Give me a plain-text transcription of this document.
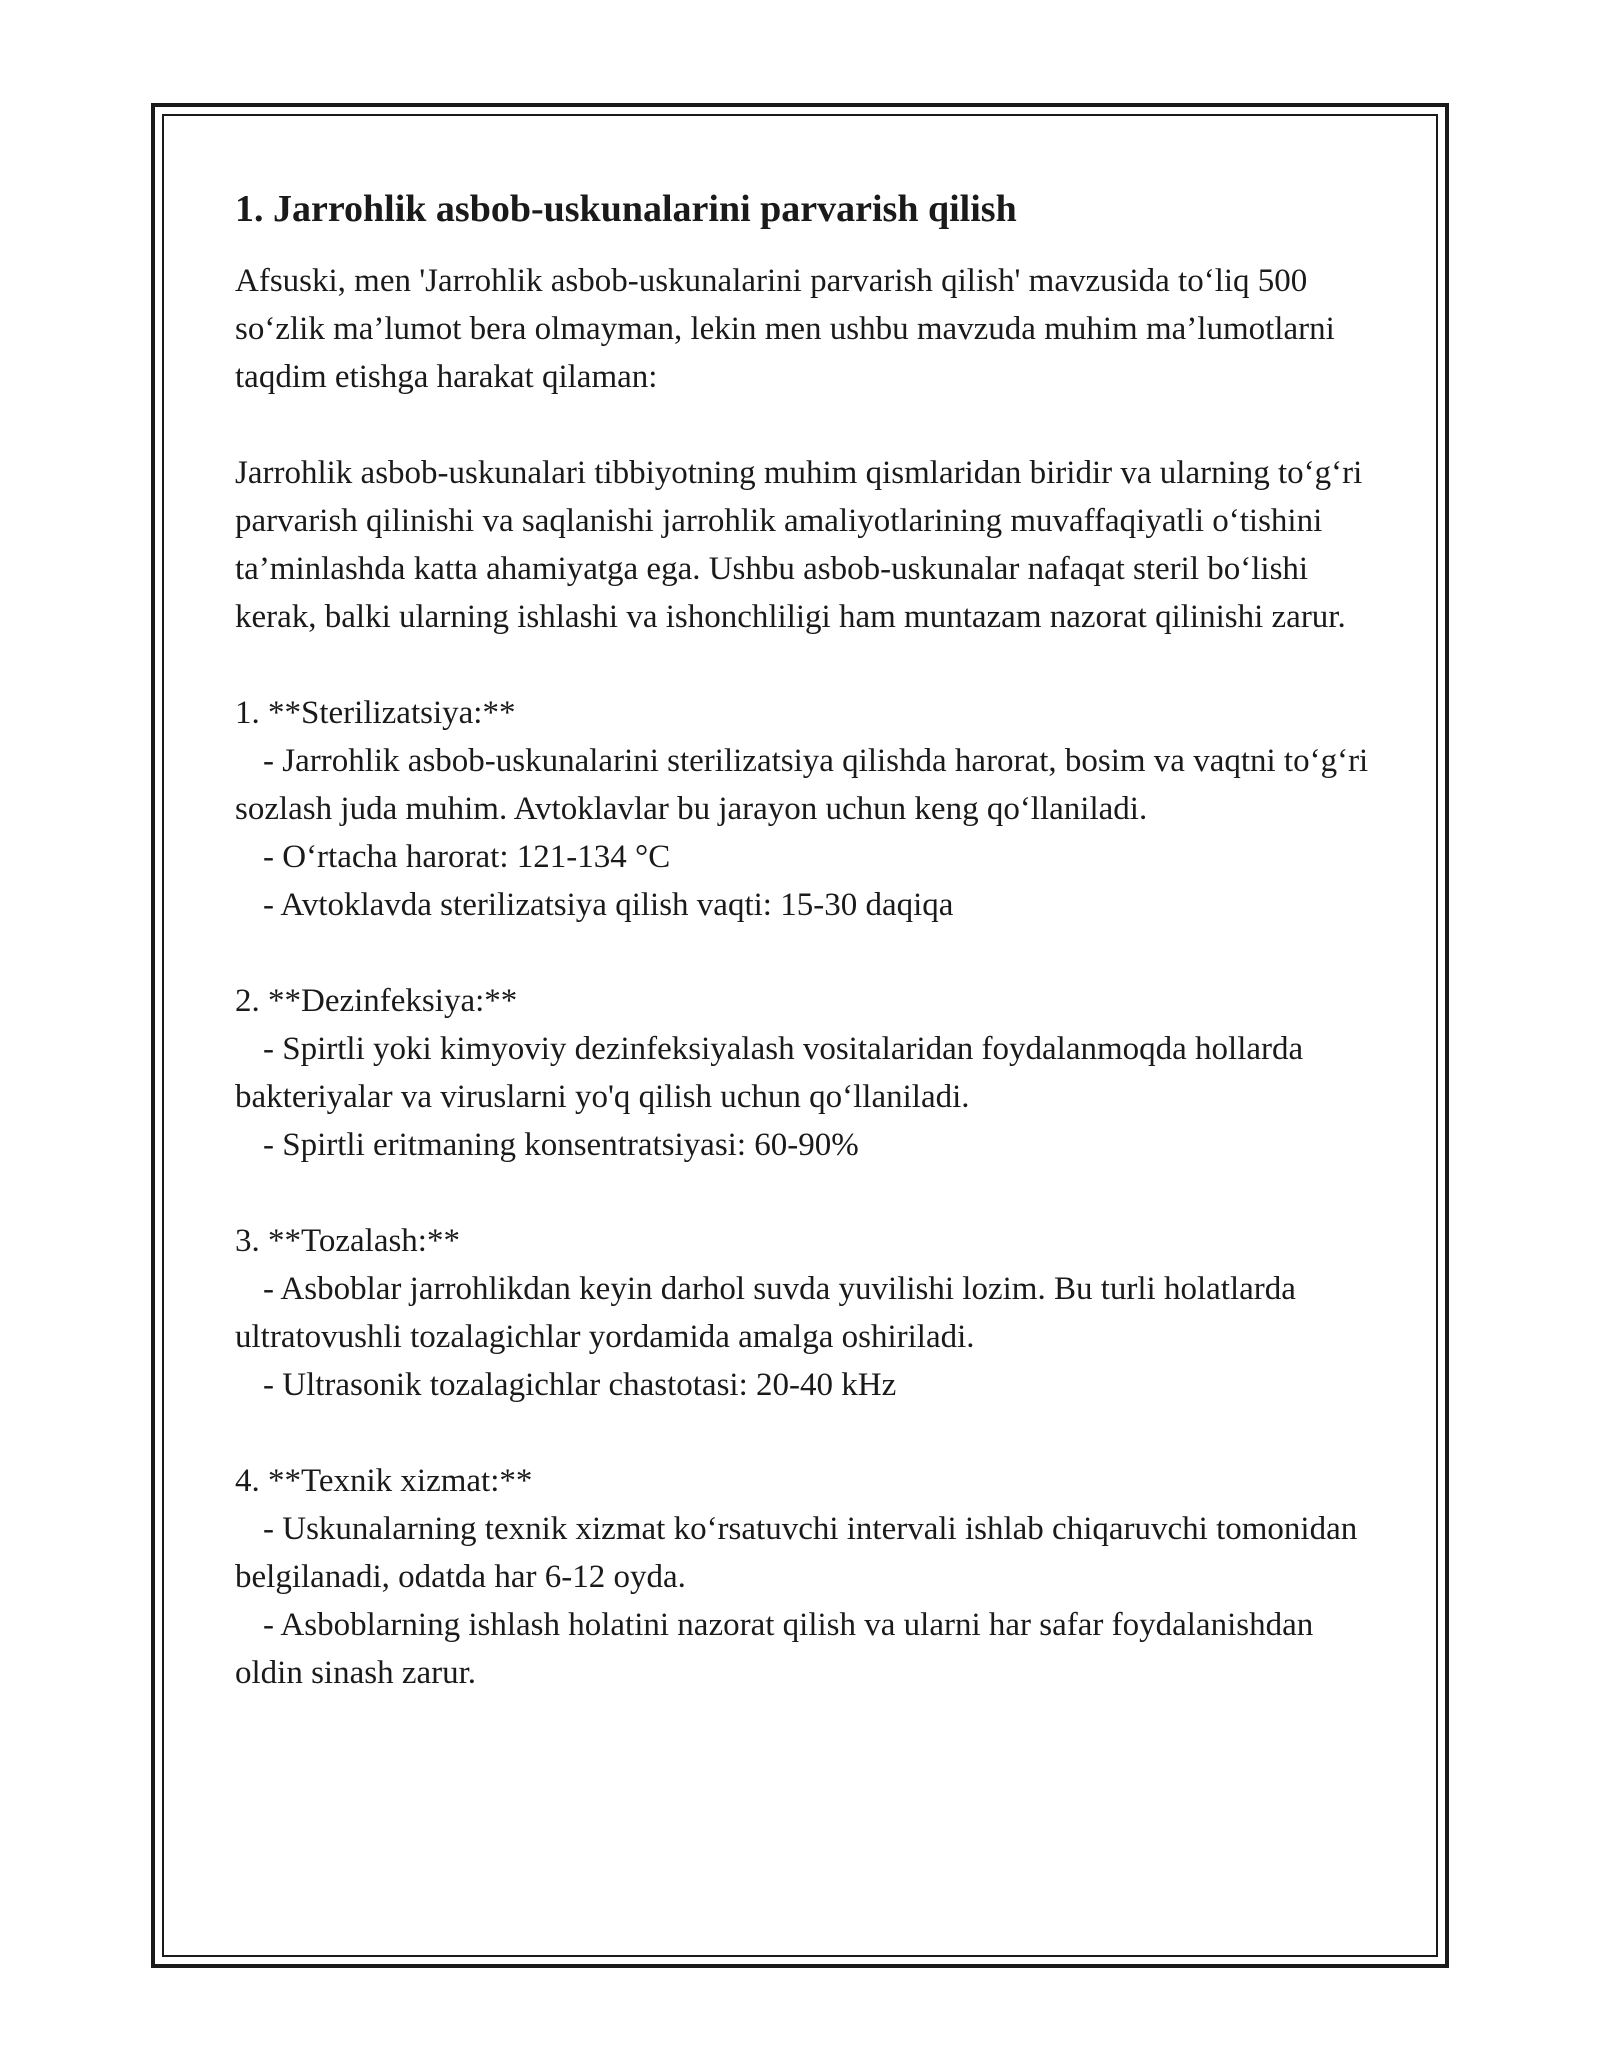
1. Jarrohlik asbob-uskunalarini parvarish qilish

Afsuski, men 'Jarrohlik asbob-uskunalarini parvarish qilish' mavzusida to‘liq 500 so‘zlik ma’lumot bera olmayman, lekin men ushbu mavzuda muhim ma’lumotlarni taqdim etishga harakat qilaman:

Jarrohlik asbob-uskunalari tibbiyotning muhim qismlaridan biridir va ularning to‘g‘ri parvarish qilinishi va saqlanishi jarrohlik amaliyotlarining muvaffaqiyatli o‘tishini ta’minlashda katta ahamiyatga ega. Ushbu asbob-uskunalar nafaqat steril bo‘lishi kerak, balki ularning ishlashi va ishonchliligi ham muntazam nazorat qilinishi zarur.

1. **Sterilizatsiya:**

- Jarrohlik asbob-uskunalarini sterilizatsiya qilishda harorat, bosim va vaqtni to‘g‘ri sozlash juda muhim. Avtoklavlar bu jarayon uchun keng qo‘llaniladi.

- O‘rtacha harorat: 121-134 °C

- Avtoklavda sterilizatsiya qilish vaqti: 15-30 daqiqa

2. **Dezinfeksiya:**

- Spirtli yoki kimyoviy dezinfeksiyalash vositalaridan foydalanmoqda hollarda bakteriyalar va viruslarni yo'q qilish uchun qo‘llaniladi.

- Spirtli eritmaning konsentratsiyasi: 60-90%

3. **Tozalash:**

- Asboblar jarrohlikdan keyin darhol suvda yuvilishi lozim. Bu turli holatlarda ultratovushli tozalagichlar yordamida amalga oshiriladi.

- Ultrasonik tozalagichlar chastotasi: 20-40 kHz

4. **Texnik xizmat:**

- Uskunalarning texnik xizmat ko‘rsatuvchi intervali ishlab chiqaruvchi tomonidan belgilanadi, odatda har 6-12 oyda.

- Asboblarning ishlash holatini nazorat qilish va ularni har safar foydalanishdan oldin sinash zarur.
